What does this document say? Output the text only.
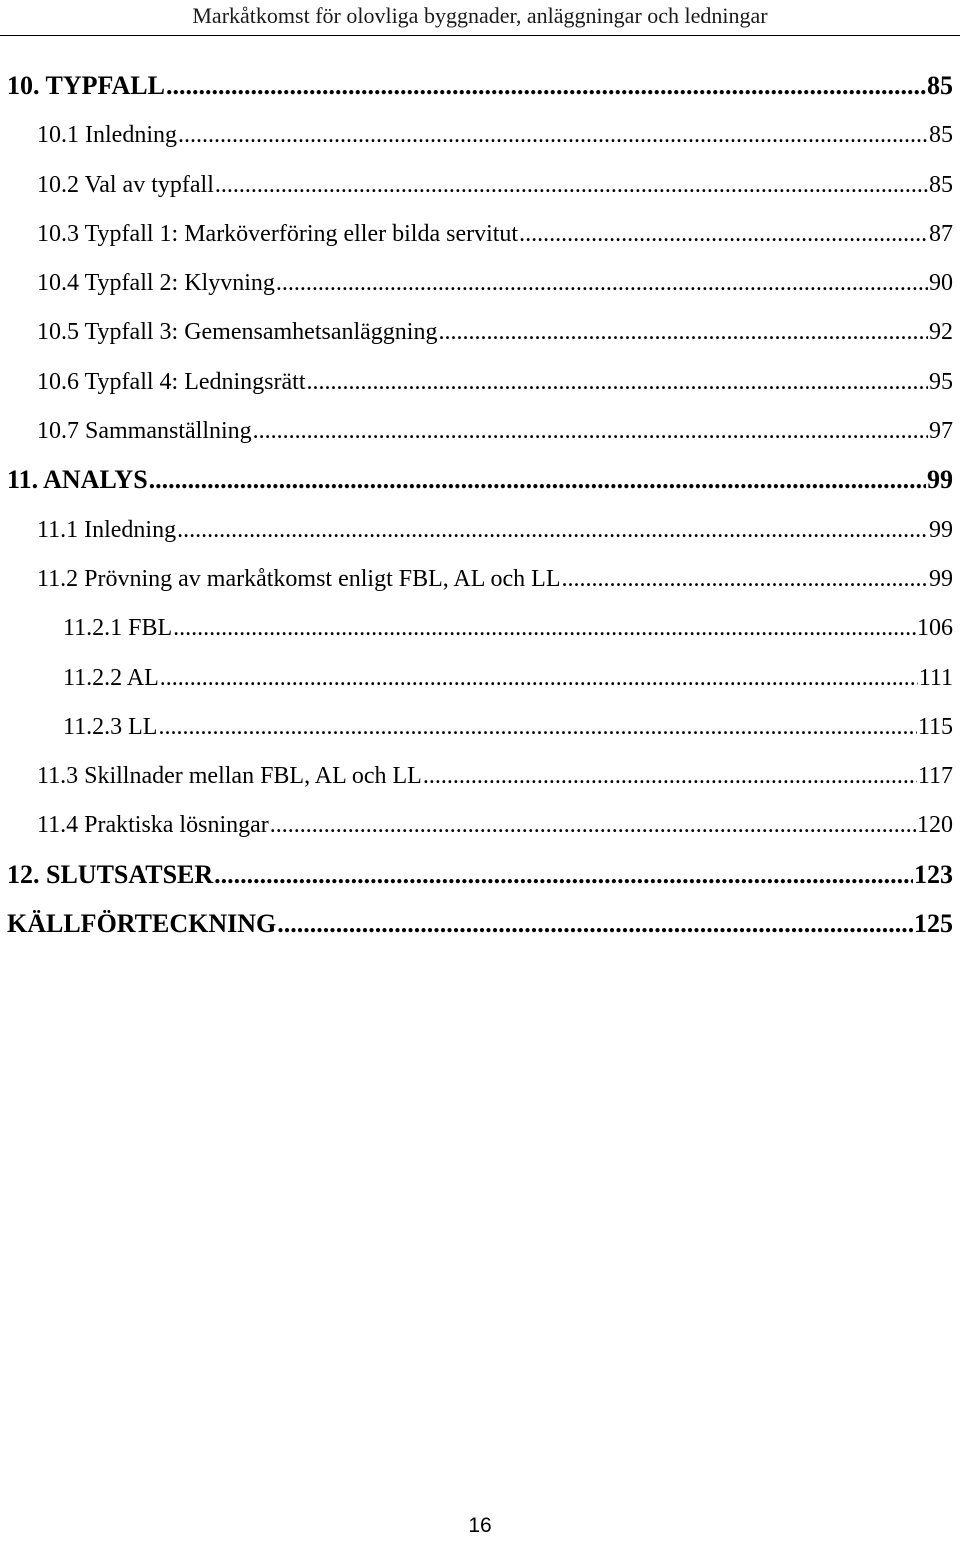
Markåtkomst för olovliga byggnader, anläggningar och ledningar
10. TYPFALL .....	85
10.1 Inledning .....	85
10.2 Val av typfall .....	85
10.3 Typfall 1: Marköverföring eller bilda servitut .....	87
10.4 Typfall 2: Klyvning .....	90
10.5 Typfall 3: Gemensamhetsanläggning .....	92
10.6 Typfall 4: Ledningsrätt .....	95
10.7 Sammanställning .....	97
11. ANALYS .....	99
11.1 Inledning .....	99
11.2 Prövning av markåtkomst enligt FBL, AL och LL .....	99
11.2.1 FBL .....	106
11.2.2 AL .....	111
11.2.3 LL .....	115
11.3 Skillnader mellan FBL, AL och LL .....	117
11.4 Praktiska lösningar .....	120
12. SLUTSATSER .....	123
KÄLLFÖRTECKNING .....	125
16
